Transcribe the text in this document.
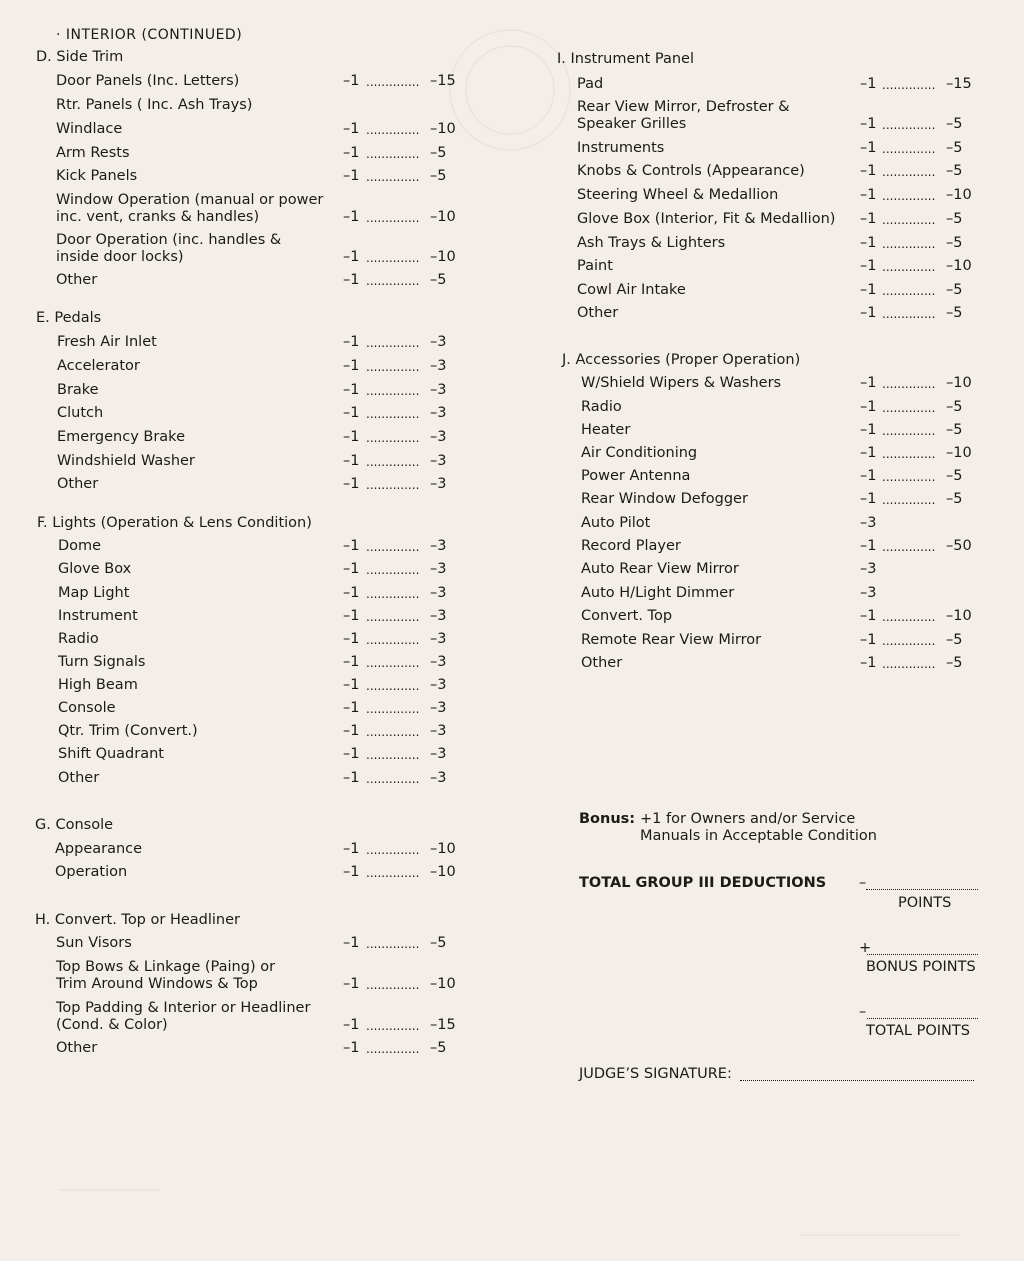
· INTERIOR (CONTINUED)
Bonus: +1 for Owners and/or Service
Manuals in Acceptable Condition
TOTAL GROUP III DEDUCTIONS –
POINTS
+
BONUS POINTS
–
TOTAL POINTS
JUDGE’S SIGNATURE:
D. Side Trim
Door Panels (Inc. Letters)	–1 .............. –15
Rtr. Panels ( Inc. Ash Trays)
Windlace	–1 .............. –10
Arm Rests	–1 .............. –5
Kick Panels	–1 .............. –5
Window Operation (manual or power
inc. vent, cranks & handles)	–1 .............. –10
Door Operation (inc. handles &
inside door locks)	–1 .............. –10
Other	–1 .............. –5
E. Pedals
Fresh Air Inlet	–1 .............. –3
Accelerator	–1 .............. –3
Brake	–1 .............. –3
Clutch	–1 .............. –3
Emergency Brake	–1 .............. –3
Windshield Washer	–1 .............. –3
Other	–1 .............. –3
F. Lights (Operation & Lens Condition)
Dome	–1 .............. –3
Glove Box	–1 .............. –3
Map Light	–1 .............. –3
Instrument	–1 .............. –3
Radio	–1 .............. –3
Turn Signals	–1 .............. –3
High Beam	–1 .............. –3
Console	–1 .............. –3
Qtr. Trim (Convert.)	–1 .............. –3
Shift Quadrant	–1 .............. –3
Other	–1 .............. –3
G. Console
Appearance	–1 .............. –10
Operation	–1 .............. –10
H. Convert. Top or Headliner
Sun Visors	–1 .............. –5
Top Bows & Linkage (Paing) or
Trim Around Windows & Top	–1 .............. –10
Top Padding & Interior or Headliner
(Cond. & Color)	–1 .............. –15
Other	–1 .............. –5
I. Instrument Panel
Pad	–1 .............. –15
Rear View Mirror, Defroster &
Speaker Grilles	–1 .............. –5
Instruments	–1 .............. –5
Knobs & Controls (Appearance)	–1 .............. –5
Steering Wheel & Medallion	–1 .............. –10
Glove Box (Interior, Fit & Medallion) –1 .............. –5
Ash Trays & Lighters	–1 .............. –5
Paint	–1 .............. –10
Cowl Air Intake	–1 .............. –5
Other	–1 .............. –5
J. Accessories (Proper Operation)
W/Shield Wipers & Washers	–1 .............. –10
Radio	–1 .............. –5
Heater	–1 .............. –5
Air Conditioning	–1 .............. –10
Power Antenna	–1 .............. –5
Rear Window Defogger	–1 .............. –5
Auto Pilot	–3
Record Player	–1 .............. –50
Auto Rear View Mirror	–3
Auto H/Light Dimmer	–3
Convert. Top	–1 .............. –10
Remote Rear View Mirror	–1 .............. –5
Other	–1 .............. –5
